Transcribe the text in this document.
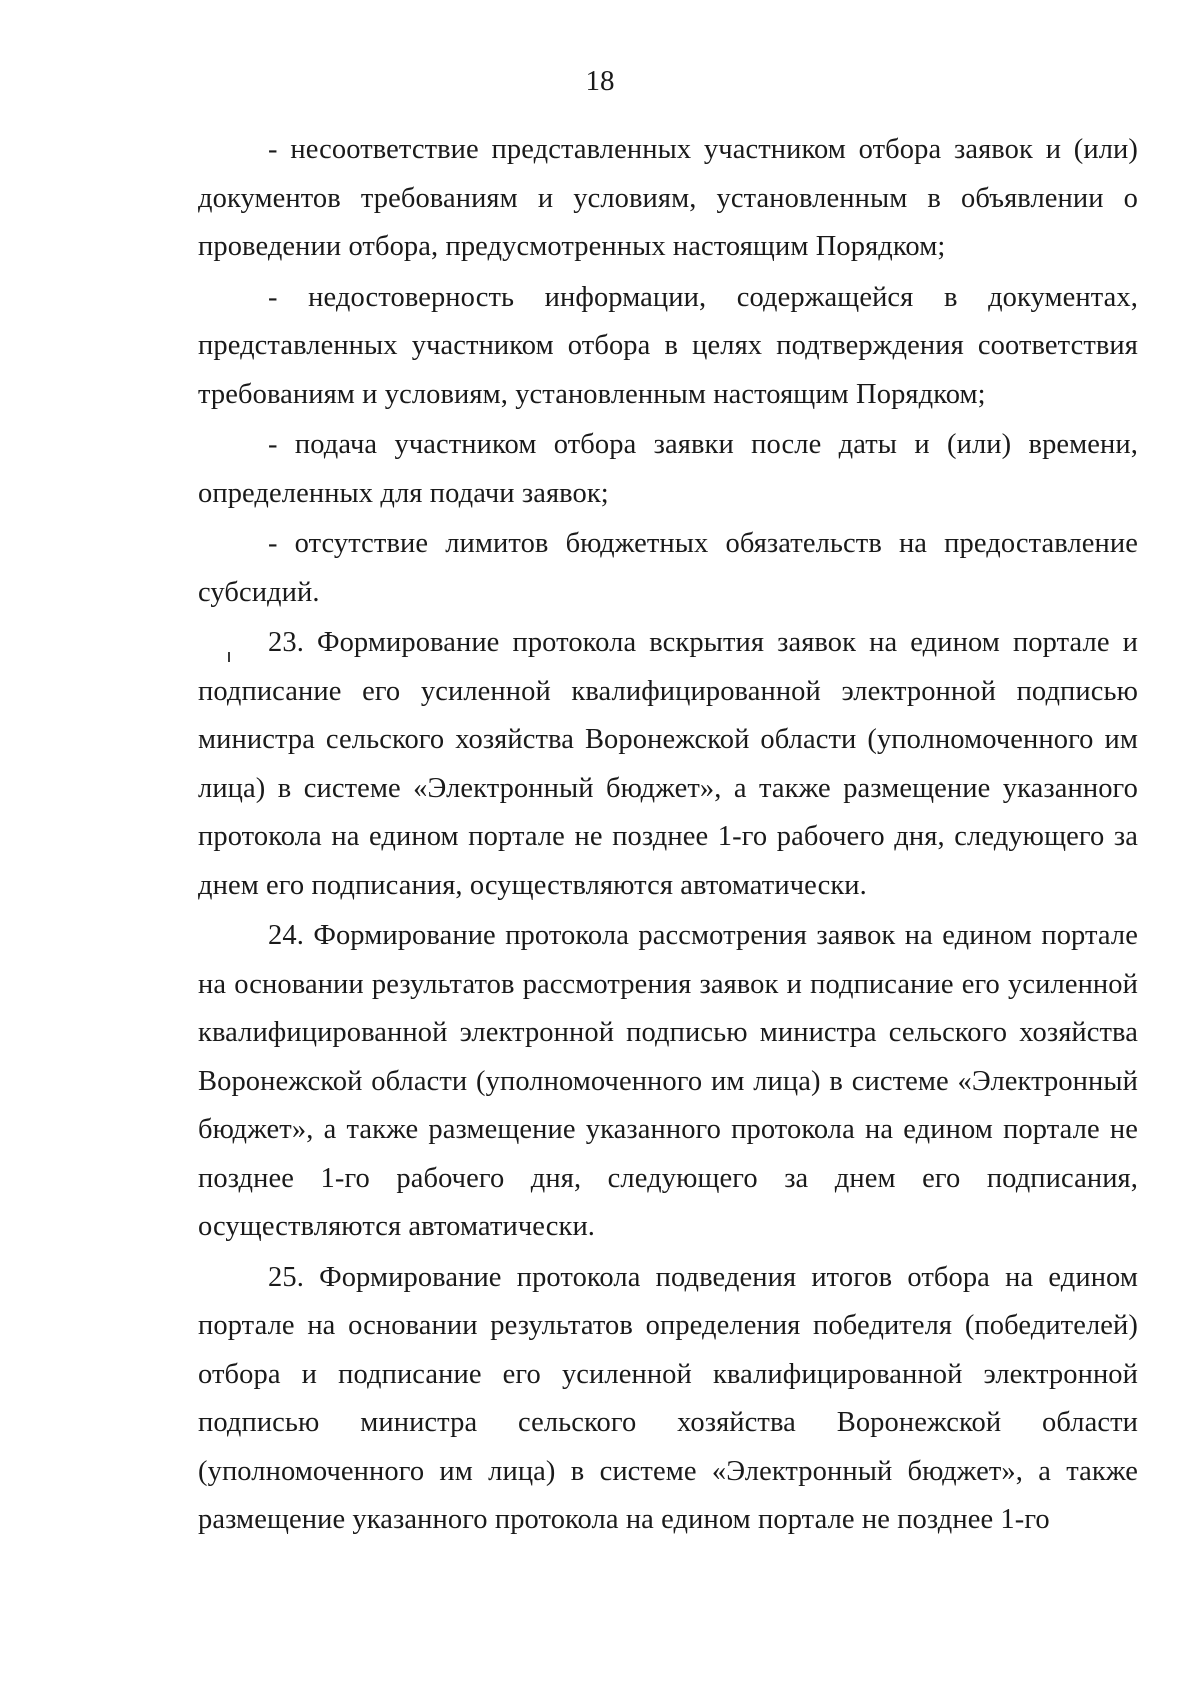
18

- несоответствие представленных участником отбора заявок и (или) документов требованиям и условиям, установленным в объявлении о проведении отбора, предусмотренных настоящим Порядком;

- недостоверность информации, содержащейся в документах, представленных участником отбора в целях подтверждения соответствия требованиям и условиям, установленным настоящим Порядком;

- подача участником отбора заявки после даты и (или) времени, определенных для подачи заявок;

- отсутствие лимитов бюджетных обязательств на предоставление субсидий.

23. Формирование протокола вскрытия заявок на едином портале и подписание его усиленной квалифицированной электронной подписью министра сельского хозяйства Воронежской области (уполномоченного им лица) в системе «Электронный бюджет», а также размещение указанного протокола на едином портале не позднее 1-го рабочего дня, следующего за днем его подписания, осуществляются автоматически.

24. Формирование протокола рассмотрения заявок на едином портале на основании результатов рассмотрения заявок и подписание его усиленной квалифицированной электронной подписью министра сельского хозяйства Воронежской области (уполномоченного им лица) в системе «Электронный бюджет», а также размещение указанного протокола на едином портале не позднее 1-го рабочего дня, следующего за днем его подписания, осуществляются автоматически.

25. Формирование протокола подведения итогов отбора на едином портале на основании результатов определения победителя (победителей) отбора и подписание его усиленной квалифицированной электронной подписью министра сельского хозяйства Воронежской области (уполномоченного им лица) в системе «Электронный бюджет», а также размещение указанного протокола на едином портале не позднее 1-го
